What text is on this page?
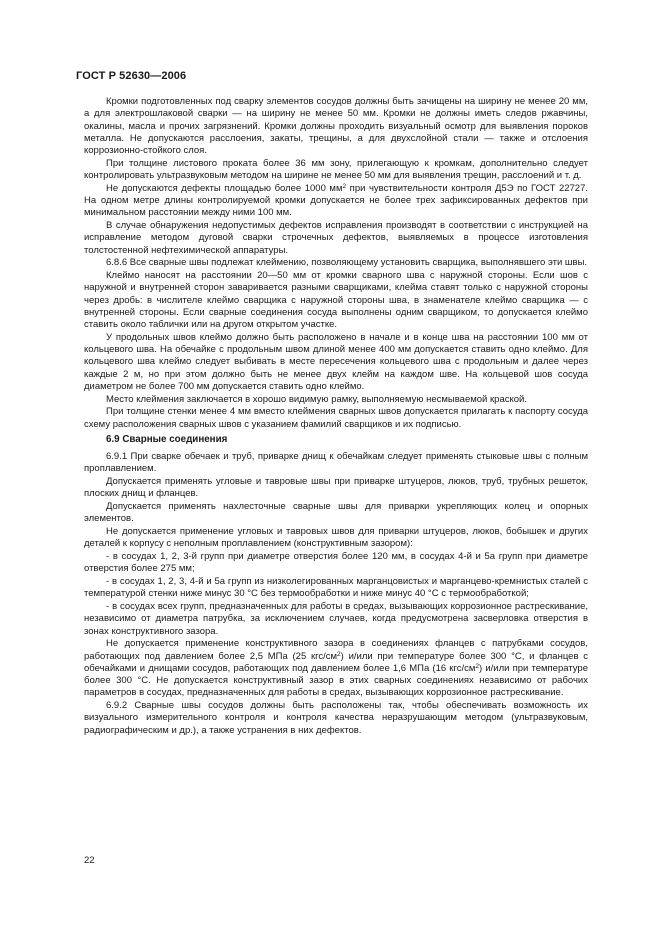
ГОСТ Р 52630—2006

Кромки подготовленных под сварку элементов сосудов должны быть зачищены на ширину не менее 20 мм, а для электрошлаковой сварки — на ширину не менее 50 мм. Кромки не должны иметь следов ржавчины, окалины, масла и прочих загрязнений. Кромки должны проходить визуальный осмотр для выявления пороков металла. Не допускаются расслоения, закаты, трещины, а для двухслойной стали — также и отслоения коррозионно-стойкого слоя.

При толщине листового проката более 36 мм зону, прилегающую к кромкам, дополнительно следует контролировать ультразвуковым методом на ширине не менее 50 мм для выявления трещин, расслоений и т. д.

Не допускаются дефекты площадью более 1000 $мм^2$ при чувствительности контроля Д5Э по ГОСТ 22727. На одном метре длины контролируемой кромки допускается не более трех зафиксированных дефектов при минимальном расстоянии между ними 100 мм.

В случае обнаружения недопустимых дефектов исправления производят в соответствии с инструкцией на исправление методом дуговой сварки строчечных дефектов, выявляемых в процессе изготовления толстостенной нефтехимической аппаратуры.

6.8.6 Все сварные швы подлежат клеймению, позволяющему установить сварщика, выполнявшего эти швы.

Клеймо наносят на расстоянии 20—50 мм от кромки сварного шва с наружной стороны. Если шов с наружной и внутренней сторон заваривается разными сварщиками, клейма ставят только с наружной стороны через дробь: в числителе клеймо сварщика с наружной стороны шва, в знаменателе клеймо сварщика — с внутренней стороны. Если сварные соединения сосуда выполнены одним сварщиком, то допускается клеймо ставить около таблички или на другом открытом участке.

У продольных швов клеймо должно быть расположено в начале и в конце шва на расстоянии 100 мм от кольцевого шва. На обечайке с продольным швом длиной менее 400 мм допускается ставить одно клеймо. Для кольцевого шва клеймо следует выбивать в месте пересечения кольцевого шва с продольным и далее через каждые 2 м, но при этом должно быть не менее двух клейм на каждом шве. На кольцевой шов сосуда диаметром не более 700 мм допускается ставить одно клеймо.

Место клеймения заключается в хорошо видимую рамку, выполняемую несмываемой краской.

При толщине стенки менее 4 мм вместо клеймения сварных швов допускается прилагать к паспорту сосуда схему расположения сварных швов с указанием фамилий сварщиков и их подписью.

6.9 Сварные соединения

6.9.1 При сварке обечаек и труб, приварке днищ к обечайкам следует применять стыковые швы с полным проплавлением.

Допускается применять угловые и тавровые швы при приварке штуцеров, люков, труб, трубных решеток, плоских днищ и фланцев.

Допускается применять нахлесточные сварные швы для приварки укрепляющих колец и опорных элементов.

Не допускается применение угловых и тавровых швов для приварки штуцеров, люков, бобышек и других деталей к корпусу с неполным проплавлением (конструктивным зазором):

- в сосудах 1, 2, 3-й групп при диаметре отверстия более 120 мм, в сосудах 4-й и 5а групп при диаметре отверстия более 275 мм;

- в сосудах 1, 2, 3, 4-й и 5а групп из низколегированных марганцовистых и марганцево-кремнистых сталей с температурой стенки ниже минус 30 °С без термообработки и ниже минус 40 °С с термообработкой;

- в сосудах всех групп, предназначенных для работы в средах, вызывающих коррозионное растрескивание, независимо от диаметра патрубка, за исключением случаев, когда предусмотрена засверловка отверстия в зонах конструктивного зазора.

Не допускается применение конструктивного зазора в соединениях фланцев с патрубками сосудов, работающих под давлением более 2,5 МПа (25 кгс/$см^2$) и/или при температуре более 300 °С, и фланцев с обечайками и днищами сосудов, работающих под давлением более 1,6 МПа (16 кгс/$см^2$) и/или при температуре более 300 °С. Не допускается конструктивный зазор в этих сварных соединениях независимо от рабочих параметров в сосудах, предназначенных для работы в средах, вызывающих коррозионное растрескивание.

6.9.2 Сварные швы сосудов должны быть расположены так, чтобы обеспечивать возможность их визуального измерительного контроля и контроля качества неразрушающим методом (ультразвуковым, радиографическим и др.), а также устранения в них дефектов.

22
